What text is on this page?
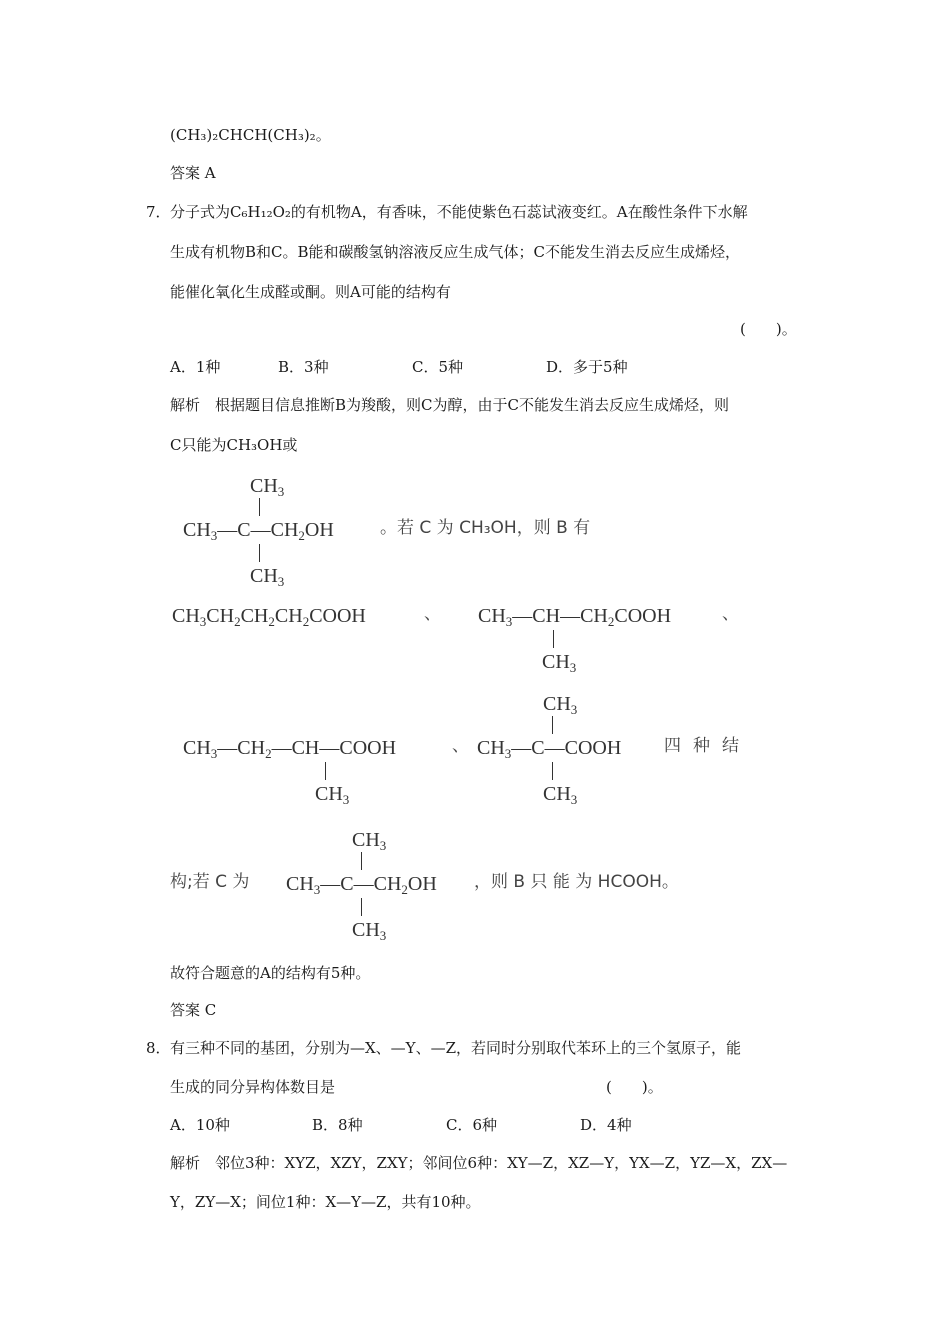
(CH₃)₂CHCH(CH₃)₂。
答案 A
7． 分子式为C₆H₁₂O₂的有机物A，有香味，不能使紫色石蕊试液变红。A在酸性条件下水解
生成有机物B和C。B能和碳酸氢钠溶液反应生成气体；C不能发生消去反应生成烯烃，
能催化氧化生成醛或酮。则A可能的结构有
(　　)。
A．1种	B．3种	C．5种	D．多于5种
解析　根据题目信息推断B为羧酸，则C为醇，由于C不能发生消去反应生成烯烃，则
C只能为CH₃OH或
$CH_3$
$CH_3—C—CH_2OH$
$CH_3$
。若 C 为 CH₃OH，则 B 有
$CH_3CH_2CH_2CH_2COOH$	、 $CH_3—CH—CH_2COOH$
$CH_3$
、
$CH_3—CH_2—CH—COOH$
$CH_3$
、
$CH_3$
$CH_3—C—COOH$
$CH_3$
四种结
构;若 C 为
$CH_3$
$CH_3—C—CH_2OH$
$CH_3$
，则 B 只 能 为 HCOOH。
故符合题意的A的结构有5种。
答案 C
8． 有三种不同的基团，分别为—X、—Y、—Z，若同时分别取代苯环上的三个氢原子，能
生成的同分异构体数目是	(　　)。
A．10种	B．8种	C．6种	D．4种
解析　邻位3种：XYZ，XZY，ZXY；邻间位6种：XY—Z，XZ—Y，YX—Z，YZ—X，ZX—
Y，ZY—X；间位1种：X—Y—Z，共有10种。
